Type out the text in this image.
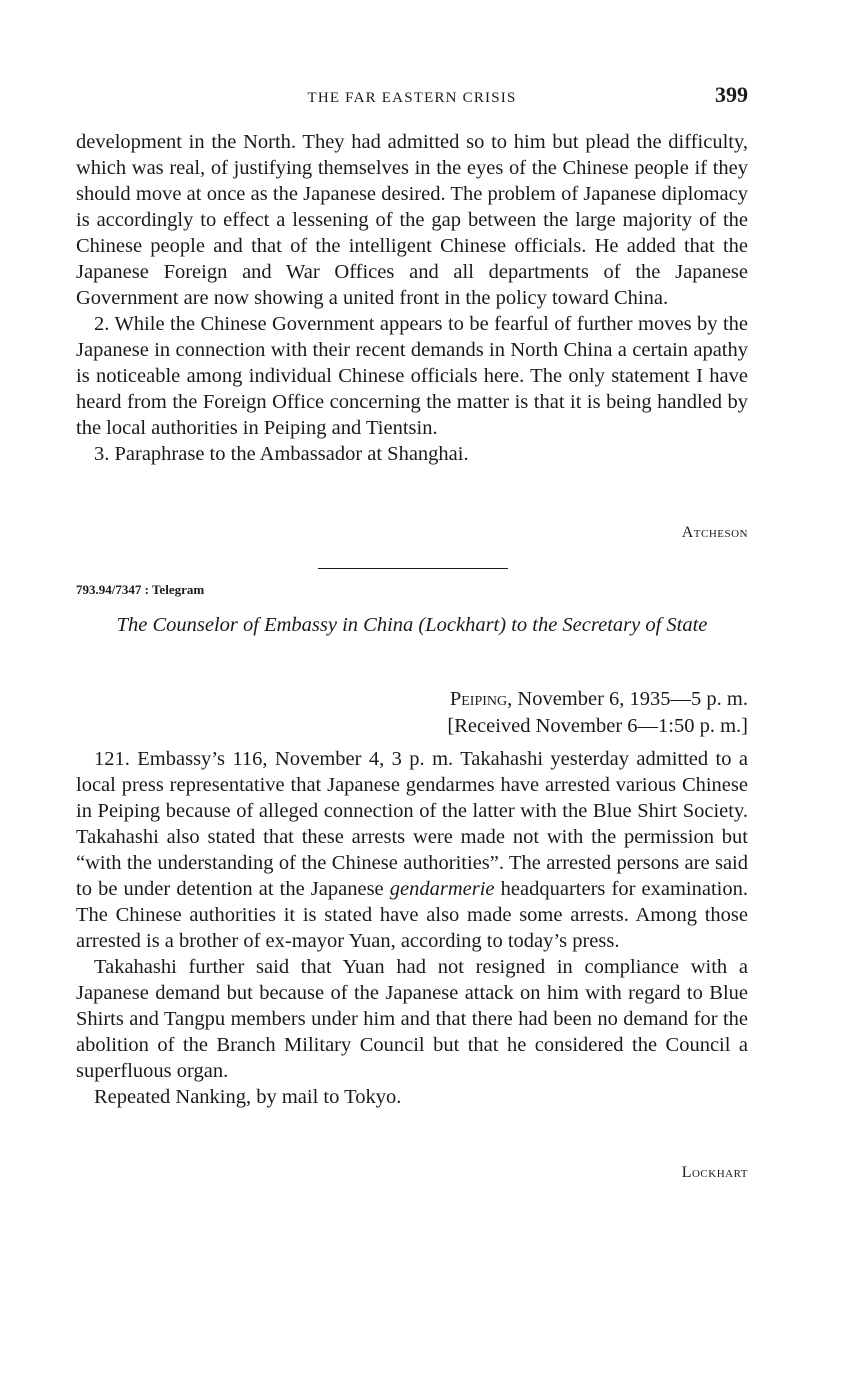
THE FAR EASTERN CRISIS	399

development in the North. They had admitted so to him but plead the difficulty, which was real, of justifying themselves in the eyes of the Chinese people if they should move at once as the Japanese desired. The problem of Japanese diplomacy is accordingly to effect a lessening of the gap between the large majority of the Chinese people and that of the intelligent Chinese officials. He added that the Japanese Foreign and War Offices and all departments of the Japanese Government are now showing a united front in the policy toward China.

2. While the Chinese Government appears to be fearful of further moves by the Japanese in connection with their recent demands in North China a certain apathy is noticeable among individual Chinese officials here. The only statement I have heard from the Foreign Office concerning the matter is that it is being handled by the local authorities in Peiping and Tientsin.

3. Paraphrase to the Ambassador at Shanghai.

Atcheson

793.94/7347 : Telegram

The Counselor of Embassy in China (Lockhart) to the Secretary of State

Peiping, November 6, 1935—5 p. m.

[Received November 6—1:50 p. m.]

121. Embassy’s 116, November 4, 3 p. m. Takahashi yesterday admitted to a local press representative that Japanese gendarmes have arrested various Chinese in Peiping because of alleged connection of the latter with the Blue Shirt Society. Takahashi also stated that these arrests were made not with the permission but “with the understanding of the Chinese authorities”. The arrested persons are said to be under detention at the Japanese gendarmerie headquarters for examination. The Chinese authorities it is stated have also made some arrests. Among those arrested is a brother of ex-mayor Yuan, according to today’s press.

Takahashi further said that Yuan had not resigned in compliance with a Japanese demand but because of the Japanese attack on him with regard to Blue Shirts and Tangpu members under him and that there had been no demand for the abolition of the Branch Military Council but that he considered the Council a superfluous organ.

Repeated Nanking, by mail to Tokyo.

Lockhart
